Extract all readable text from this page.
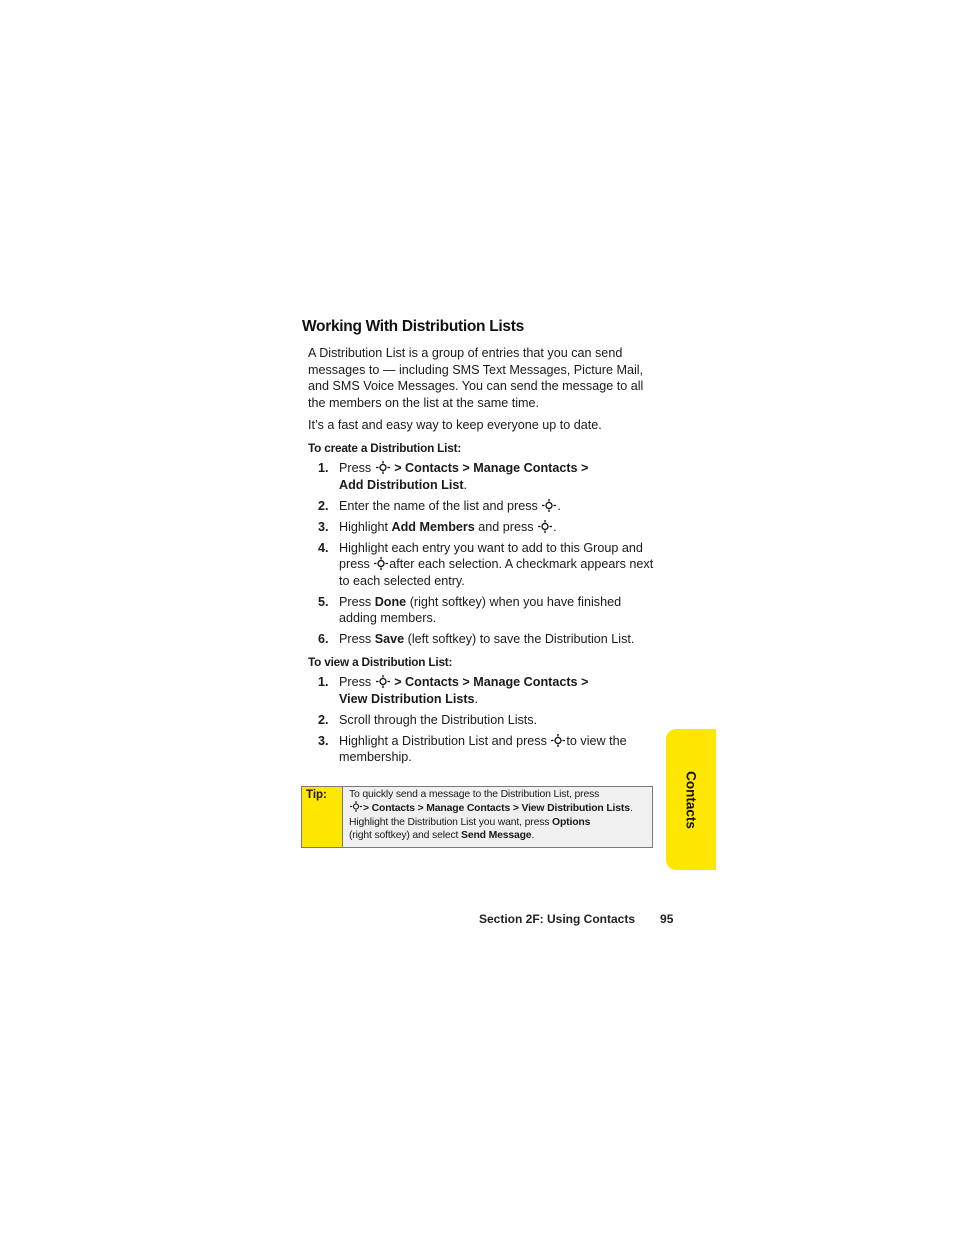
Working With Distribution Lists

A Distribution List is a group of entries that you can send messages to — including SMS Text Messages, Picture Mail, and SMS Voice Messages. You can send the message to all the members on the list at the same time.

It’s a fast and easy way to keep everyone up to date.

To create a Distribution List:
1. Press > Contacts > Manage Contacts >
Add Distribution List.
2. Enter the name of the list and press .
3. Highlight Add Members and press .
4. Highlight each entry you want to add to this Group and press after each selection. A checkmark appears next to each selected entry.
5. Press Done (right softkey) when you have finished adding members.
6. Press Save (left softkey) to save the Distribution List.
To view a Distribution List:
1. Press > Contacts > Manage Contacts >
View Distribution Lists.
2. Scroll through the Distribution Lists.
3. Highlight a Distribution List and press to view the membership.
Tip:	To quickly send a message to the Distribution List, press

> Contacts > Manage Contacts > View Distribution Lists.
Highlight the Distribution List you want, press Options
(right softkey) and select Send Message.
Contacts
Section 2F: Using Contacts 95
